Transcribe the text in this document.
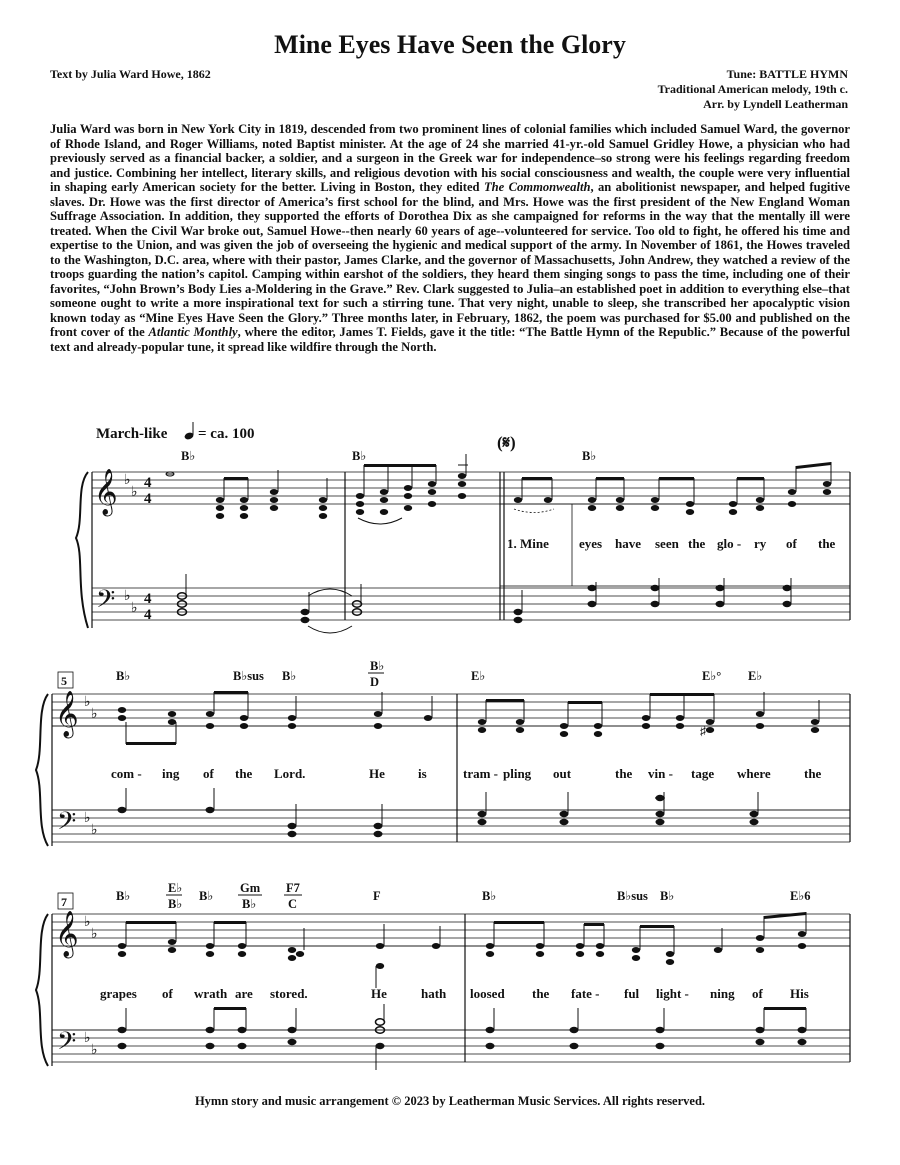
Mine Eyes Have Seen the Glory
Text by Julia Ward Howe, 1862	Tune: BATTLE HYMN
Traditional American melody, 19th c.
Arr. by Lyndell Leatherman
Julia Ward was born in New York City in 1819, descended from two prominent lines of colonial families which included Samuel Ward, the governor of Rhode Island, and Roger Williams, noted Baptist minister. At the age of 24 she married 41-yr.-old Samuel Gridley Howe, a physician who had previously served as a financial backer, a soldier, and a surgeon in the Greek war for independence–so strong were his feelings regarding freedom and justice. Combining her intellect, literary skills, and religious devotion with his social consciousness and wealth, the couple were very influential in shaping early American society for the better. Living in Boston, they edited The Commonwealth, an abolitionist newspaper, and helped fugitive slaves. Dr. Howe was the first director of America’s first school for the blind, and Mrs. Howe was the first president of the New England Woman Suffrage Association. In addition, they supported the efforts of Dorothea Dix as she campaigned for reforms in the way that the mentally ill were treated. When the Civil War broke out, Samuel Howe--then nearly 60 years of age--volunteered for service. Too old to fight, he offered his time and expertise to the Union, and was given the job of overseeing the hygienic and medical support of the army. In November of 1861, the Howes traveled to the Washington, D.C. area, where with their pastor, James Clarke, and the governor of Massachusetts, John Andrew, they watched a review of the troops guarding the nation’s capitol. Camping within earshot of the soldiers, they heard them singing songs to pass the time, including one of their favorites, “John Brown’s Body Lies a-Moldering in the Grave.” Rev. Clark suggested to Julia–an established poet in addition to everything else–that someone ought to write a more inspirational text for such a stirring tune. That very night, unable to sleep, she transcribed her apocalyptic vision known today as “Mine Eyes Have Seen the Glory.” Three months later, in February, 1862, the poem was purchased for $5.00 and published on the front cover of the Atlantic Monthly, where the editor, James T. Fields, gave it the title: “The Battle Hymn of the Republic.” Because of the powerful text and already-popular tune, it spread like wildfire through the North.
March-like = ca. 100	(𝄋)
𝄞
𝄢
♭
♭
♭
♭
4
4
4
4
B♭	B♭	B♭
1. Mine eyes have seen the glo - ry of the
5
𝄞
𝄢
♭
♭
♭
♭
B♭	B♭sus B♭
B♭
D	E♭	E♭° E♭
♯
com - ing of the Lord.	He	is	tram - pling out	the vin - tage where	the
7
𝄞
𝄢
♭
♭
♭
♭
B♭
E♭
B♭
B♭
Gm
B♭
F7
C
F	B♭	B♭sus B♭	E♭6
grapes of wrath are stored.	He	hath loosed the fate - ful light - ning of His
Hymn story and music arrangement © 2023 by Leatherman Music Services. All rights reserved.
